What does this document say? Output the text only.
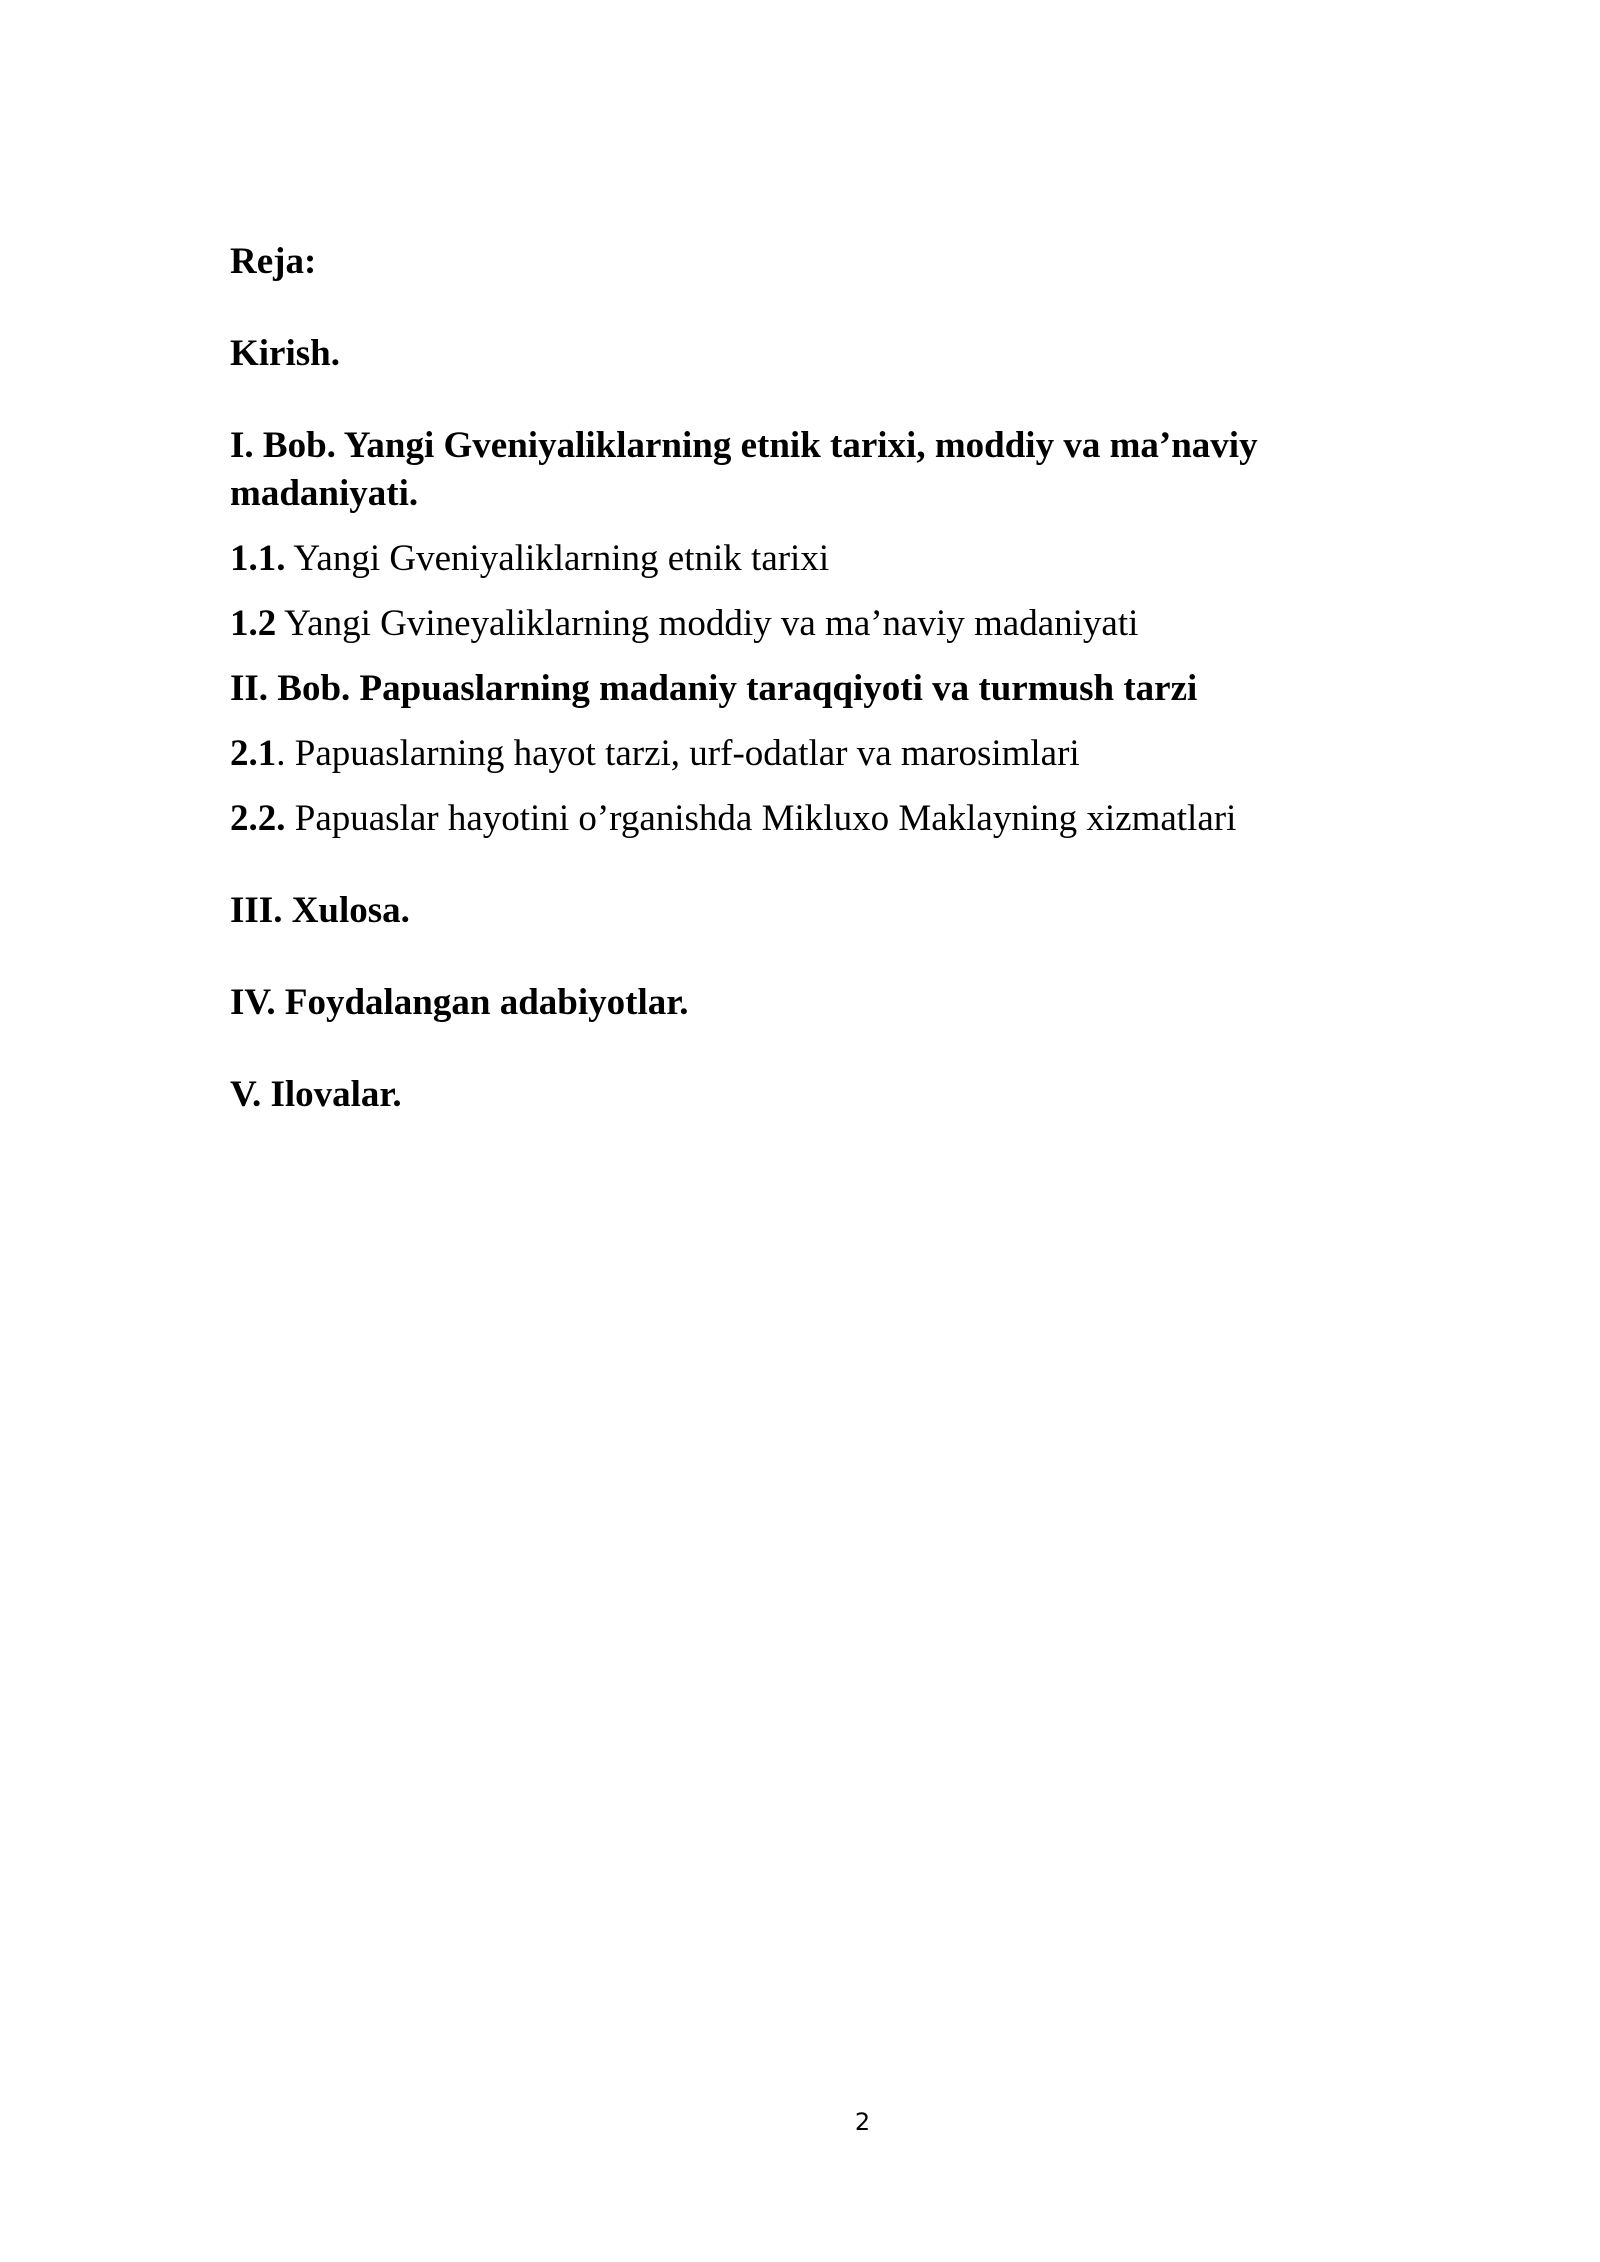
Reja:

Kirish.

I. Bob. Yangi Gveniyaliklarning etnik tarixi, moddiy va ma’naviy

madaniyati.

1.1. Yangi Gveniyaliklarning etnik tarixi

1.2 Yangi Gvineyaliklarning moddiy va ma’naviy madaniyati

II. Bob. Papuaslarning madaniy taraqqiyoti va turmush tarzi

2.1. Papuaslarning hayot tarzi, urf-odatlar va marosimlari

2.2. Papuaslar hayotini o’rganishda Mikluxo Maklayning xizmatlari

III. Xulosa.

IV. Foydalangan adabiyotlar.

V. Ilovalar.

2
